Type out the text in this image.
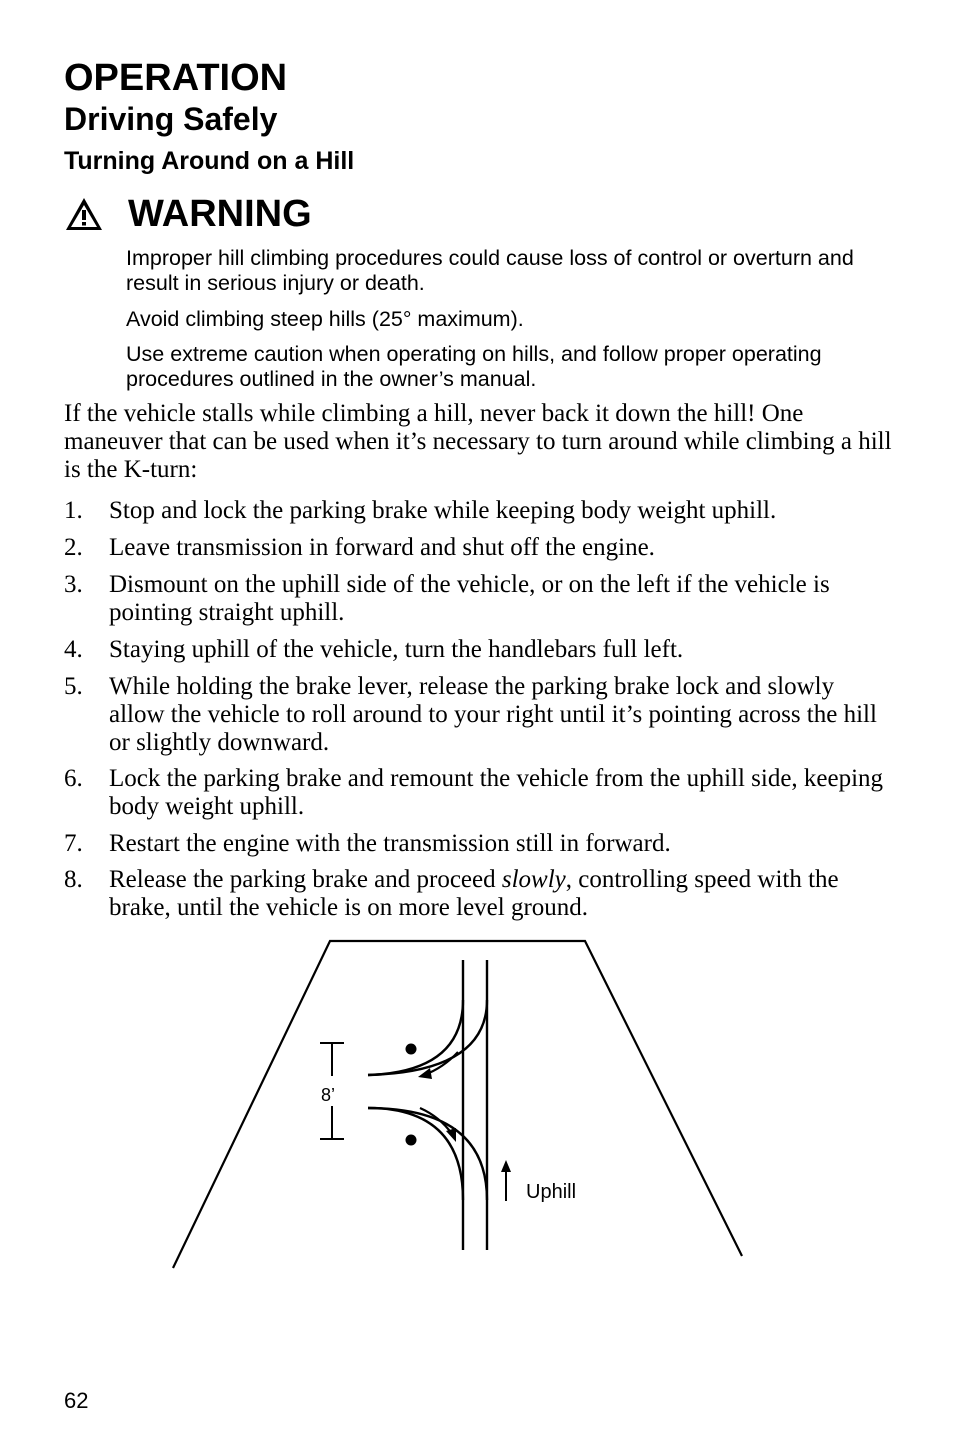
OPERATION
Driving Safely
Turning Around on a Hill
WARNING

Improper hill climbing procedures could cause loss of control or overturn and result in serious injury or death.

Avoid climbing steep hills (25° maximum).

Use extreme caution when operating on hills, and follow proper operating procedures outlined in the owner’s manual.

If the vehicle stalls while climbing a hill, never back it down the hill! One maneuver that can be used when it’s necessary to turn around while climbing a hill is the K-turn:

1. Stop and lock the parking brake while keeping body weight uphill.
2. Leave transmission in forward and shut off the engine.
3. Dismount on the uphill side of the vehicle, or on the left if the vehicle is pointing straight uphill.
4. Staying uphill of the vehicle, turn the handlebars full left.
5. While holding the brake lever, release the parking brake lock and slowly allow the vehicle to roll around to your right until it’s pointing across the hill or slightly downward.
6. Lock the parking brake and remount the vehicle from the uphill side, keeping body weight uphill.
7. Restart the engine with the transmission still in forward.
8. Release the parking brake and proceed slowly, controlling speed with the brake, until the vehicle is on more level ground.
8’
Uphill
62
